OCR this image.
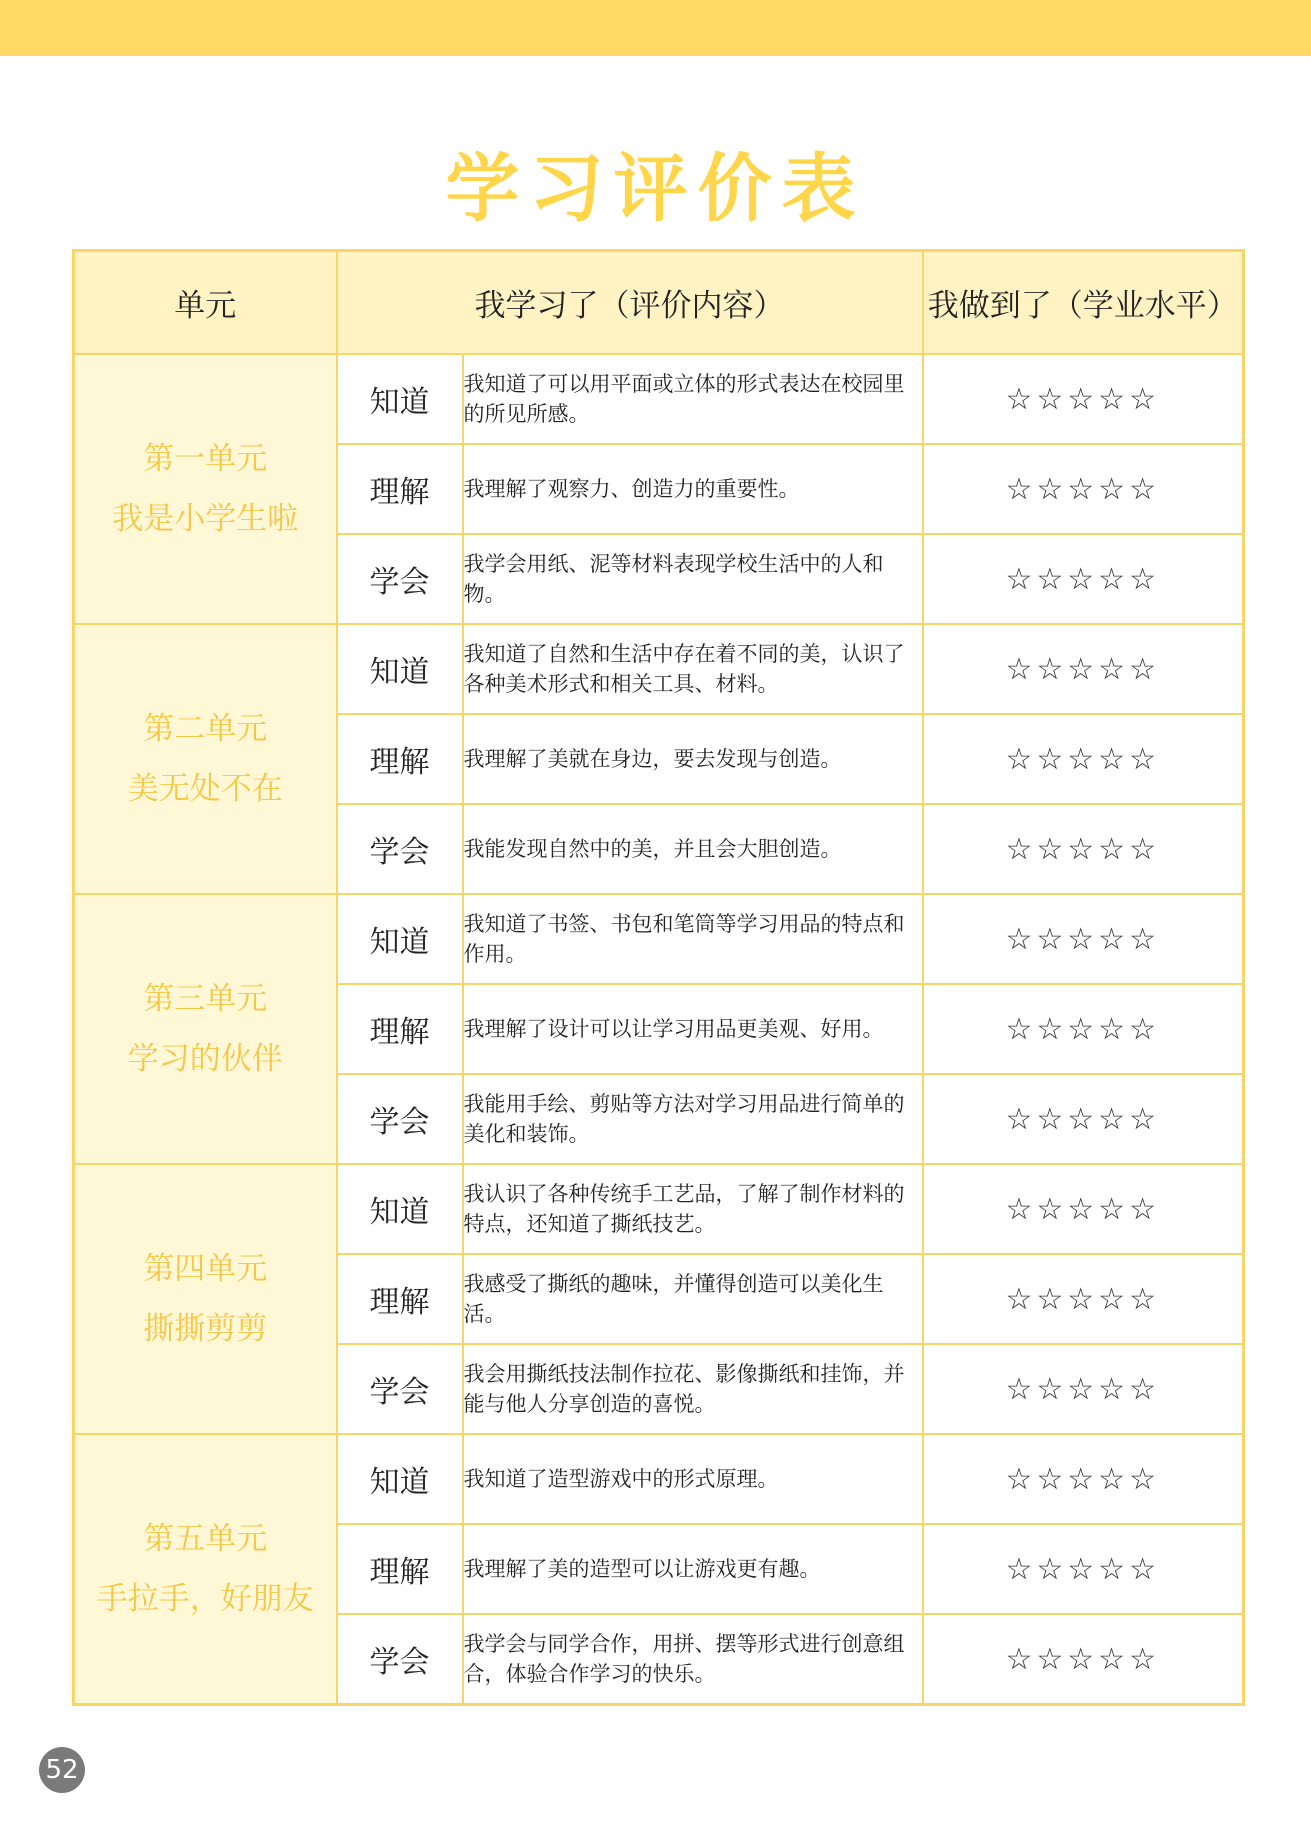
学习评价表
单元	我学习了（评价内容）		我做到了（学业水平）

第一单元
我是小学生啦	知道	我知道了可以用平面或立体的形式表达在校园里的所见所感。	☆☆☆☆☆
	理解	我理解了观察力、创造力的重要性。	☆☆☆☆☆
	学会	我学会用纸、泥等材料表现学校生活中的人和物。	☆☆☆☆☆

第二单元
美无处不在	知道	我知道了自然和生活中存在着不同的美，认识了各种美术形式和相关工具、材料。	☆☆☆☆☆
	理解	我理解了美就在身边，要去发现与创造。	☆☆☆☆☆
	学会	我能发现自然中的美，并且会大胆创造。	☆☆☆☆☆

第三单元
学习的伙伴	知道	我知道了书签、书包和笔筒等学习用品的特点和作用。	☆☆☆☆☆
	理解	我理解了设计可以让学习用品更美观、好用。	☆☆☆☆☆
	学会	我能用手绘、剪贴等方法对学习用品进行简单的美化和装饰。	☆☆☆☆☆

第四单元
撕撕剪剪	知道	我认识了各种传统手工艺品，了解了制作材料的特点，还知道了撕纸技艺。	☆☆☆☆☆
	理解	我感受了撕纸的趣味，并懂得创造可以美化生活。	☆☆☆☆☆
	学会	我会用撕纸技法制作拉花、影像撕纸和挂饰，并能与他人分享创造的喜悦。	☆☆☆☆☆

第五单元
手拉手，好朋友	知道	我知道了造型游戏中的形式原理。	☆☆☆☆☆
	理解	我理解了美的造型可以让游戏更有趣。	☆☆☆☆☆
	学会	我学会与同学合作，用拼、摆等形式进行创意组合，体验合作学习的快乐。	☆☆☆☆☆
52
